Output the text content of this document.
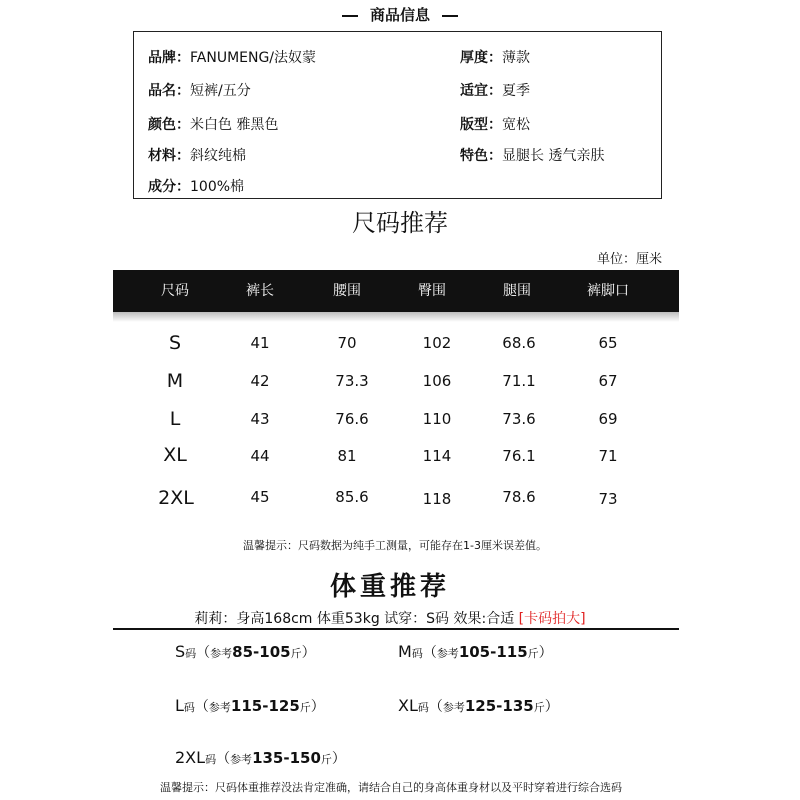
商品信息
品牌：FANUMENG/法奴蒙
品名：短裤/五分
颜色：米白色 雅黑色
材料：斜纹纯棉
成分：100%棉
厚度：薄款
适宜：夏季
版型：宽松
特色：显腿长 透气亲肤
尺码推荐
单位：厘米
尺码	裤长	腰围	臀围	腿围	裤脚口
S	41	70	102	68.6	65
M	42	73.3	106	71.1	67
L	43	76.6	110	73.6	69
XL	44	81	114	76.1	71
2XL	45	85.6	118	78.6	73
温馨提示：尺码数据为纯手工测量，可能存在1-3厘米误差值。
体重推荐
莉莉：身高168cm 体重53kg 试穿：S码 效果:合适 [卡码拍大]
S码（参考85-105斤）	M码（参考105-115斤）
L码（参考115-125斤）	XL码（参考125-135斤）
2XL码（参考135-150斤）
温馨提示：尺码体重推荐没法肯定准确，请结合自己的身高体重身材以及平时穿着进行综合选码
